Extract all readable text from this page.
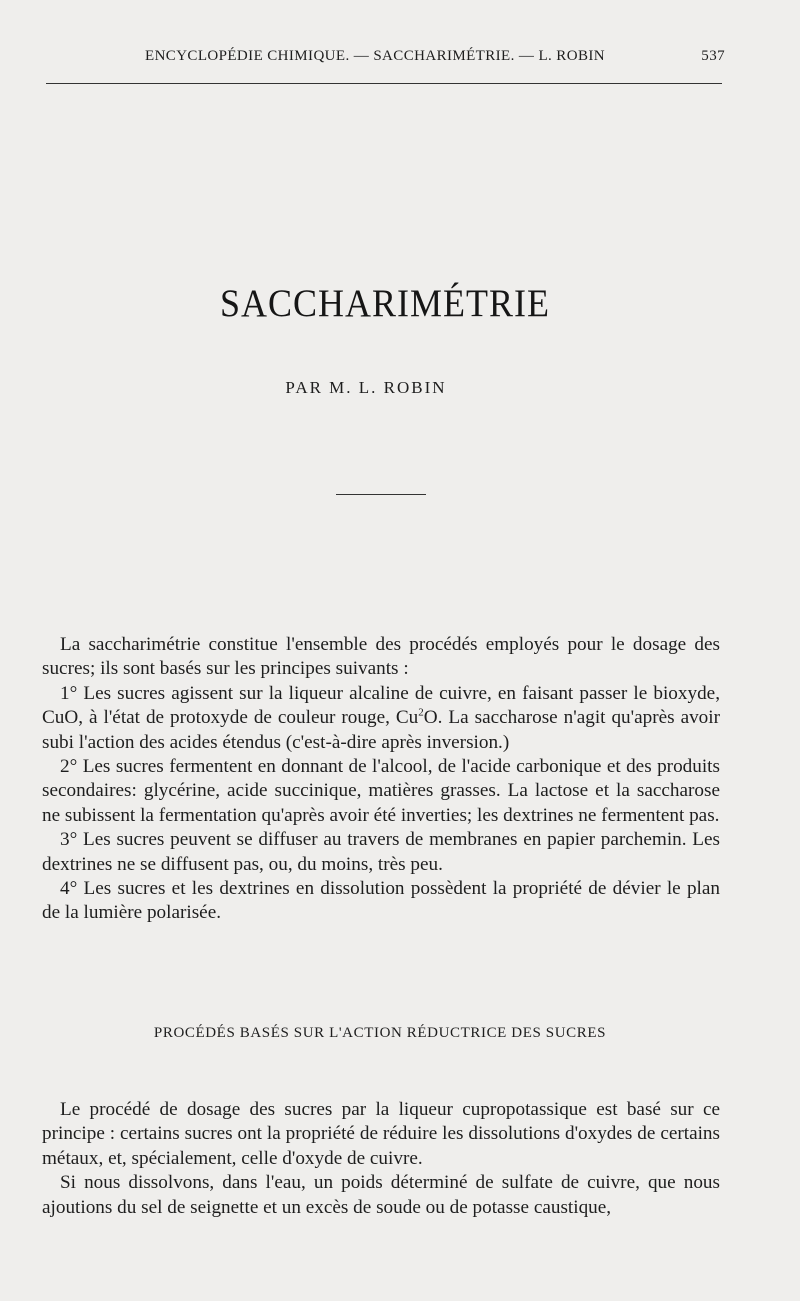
ENCYCLOPÉDIE CHIMIQUE. — SACCHARIMÉTRIE. — L. ROBIN	537
SACCHARIMÉTRIE
PAR M. L. ROBIN

La saccharimétrie constitue l'ensemble des procédés employés pour le dosage des sucres; ils sont basés sur les principes suivants :

1° Les sucres agissent sur la liqueur alcaline de cuivre, en faisant passer le bioxyde, CuO, à l'état de protoxyde de couleur rouge, Cu$^2$O. La saccharose n'agit qu'après avoir subi l'action des acides étendus (c'est-à-dire après inversion.)

2° Les sucres fermentent en donnant de l'alcool, de l'acide carbonique et des produits secondaires: glycérine, acide succinique, matières grasses. La lactose et la saccharose ne subissent la fermentation qu'après avoir été inverties; les dextrines ne fermentent pas.

3° Les sucres peuvent se diffuser au travers de membranes en papier parchemin. Les dextrines ne se diffusent pas, ou, du moins, très peu.

4° Les sucres et les dextrines en dissolution possèdent la propriété de dévier le plan de la lumière polarisée.

PROCÉDÉS BASÉS SUR L'ACTION RÉDUCTRICE DES SUCRES

Le procédé de dosage des sucres par la liqueur cupropotassique est basé sur ce principe : certains sucres ont la propriété de réduire les dissolutions d'oxydes de certains métaux, et, spécialement, celle d'oxyde de cuivre.

Si nous dissolvons, dans l'eau, un poids déterminé de sulfate de cuivre, que nous ajoutions du sel de seignette et un excès de soude ou de potasse caustique,
